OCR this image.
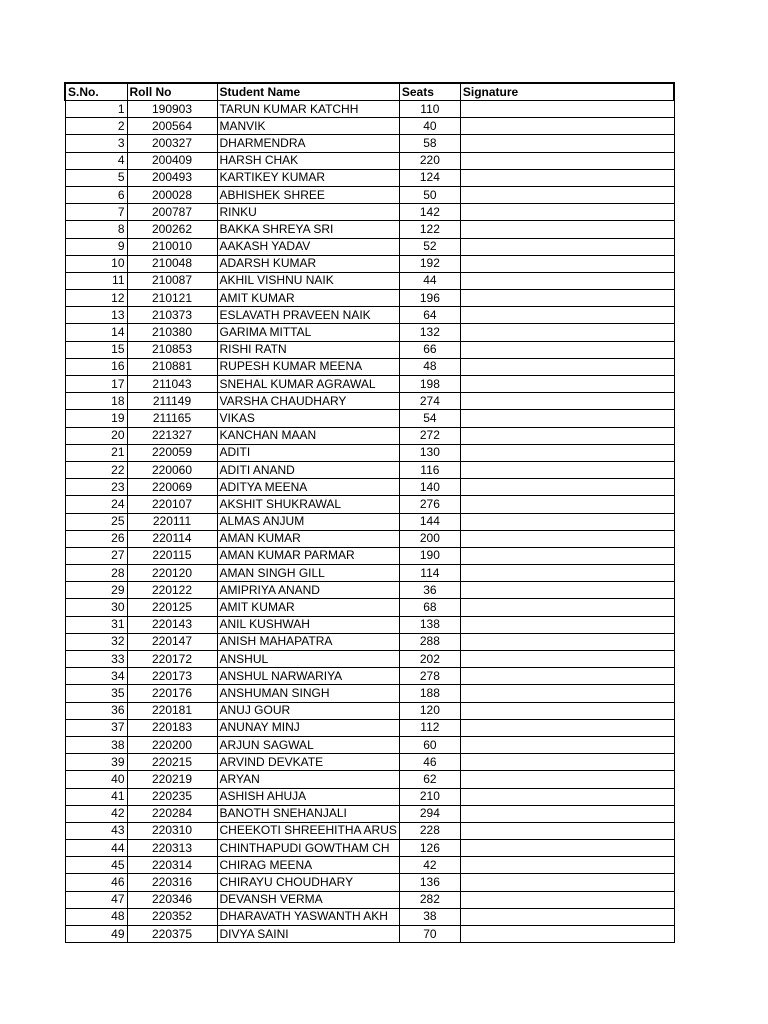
S.No.	Roll No	Student Name	Seats	Signature
1	190903	TARUN KUMAR KATCHH	110	
2	200564	MANVIK	40	
3	200327	DHARMENDRA	58	
4	200409	HARSH CHAK	220	
5	200493	KARTIKEY KUMAR	124	
6	200028	ABHISHEK SHREE	50	
7	200787	RINKU	142	
8	200262	BAKKA SHREYA SRI	122	
9	210010	AAKASH YADAV	52	
10	210048	ADARSH KUMAR	192	
11	210087	AKHIL VISHNU NAIK	44	
12	210121	AMIT KUMAR	196	
13	210373	ESLAVATH PRAVEEN NAIK	64	
14	210380	GARIMA MITTAL	132	
15	210853	RISHI RATN	66	
16	210881	RUPESH KUMAR MEENA	48	
17	211043	SNEHAL KUMAR AGRAWAL	198	
18	211149	VARSHA CHAUDHARY	274	
19	211165	VIKAS	54	
20	221327	KANCHAN MAAN	272	
21	220059	ADITI	130	
22	220060	ADITI ANAND	116	
23	220069	ADITYA MEENA	140	
24	220107	AKSHIT SHUKRAWAL	276	
25	220111	ALMAS ANJUM	144	
26	220114	AMAN KUMAR	200	
27	220115	AMAN KUMAR PARMAR	190	
28	220120	AMAN SINGH GILL	114	
29	220122	AMIPRIYA ANAND	36	
30	220125	AMIT KUMAR	68	
31	220143	ANIL KUSHWAH	138	
32	220147	ANISH MAHAPATRA	288	
33	220172	ANSHUL	202	
34	220173	ANSHUL NARWARIYA	278	
35	220176	ANSHUMAN SINGH	188	
36	220181	ANUJ GOUR	120	
37	220183	ANUNAY MINJ	112	
38	220200	ARJUN SAGWAL	60	
39	220215	ARVIND DEVKATE	46	
40	220219	ARYAN	62	
41	220235	ASHISH AHUJA	210	
42	220284	BANOTH SNEHANJALI	294	
43	220310	CHEEKOTI SHREEHITHA ARUS	228	
44	220313	CHINTHAPUDI GOWTHAM CH	126	
45	220314	CHIRAG MEENA	42	
46	220316	CHIRAYU CHOUDHARY	136	
47	220346	DEVANSH VERMA	282	
48	220352	DHARAVATH YASWANTH AKH	38	
49	220375	DIVYA SAINI	70	
